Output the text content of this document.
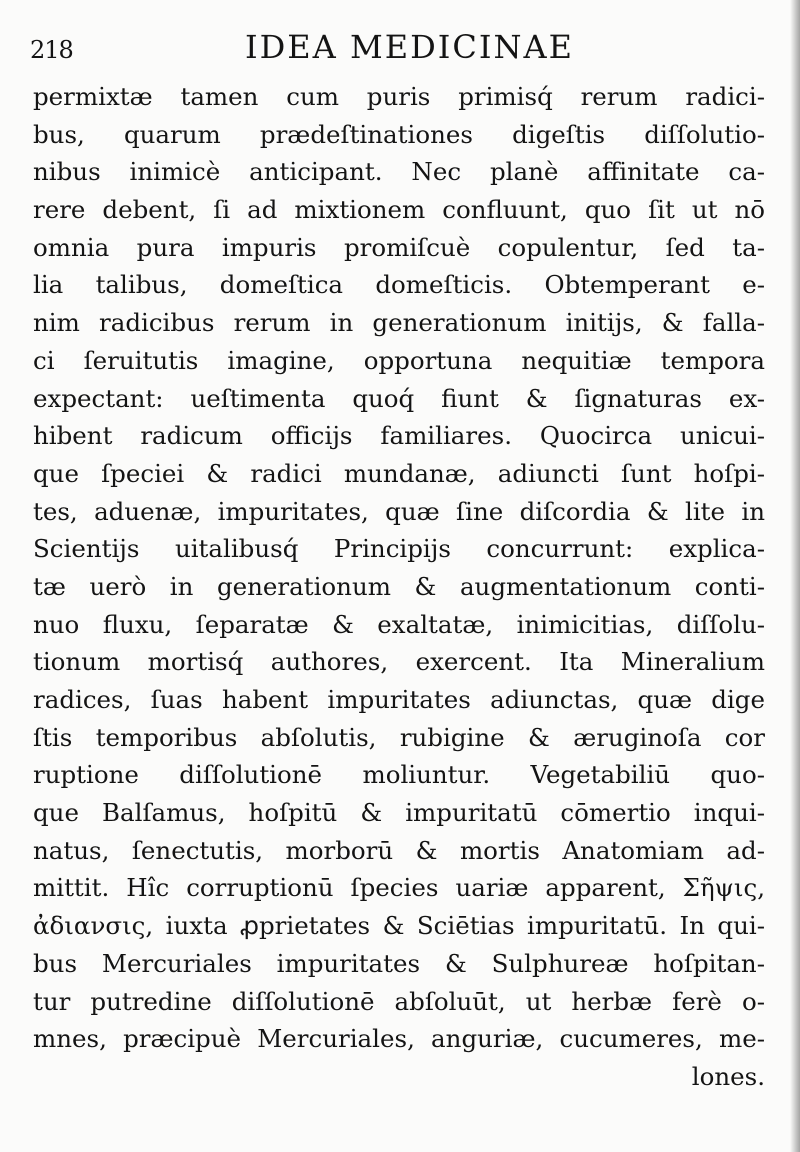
218	IDEA MEDICINAE
permixtæ tamen cum puris primisq́ rerum radici-
bus, quarum prædeſtinationes digeſtis diſſolutio-
nibus inimicè anticipant. Nec planè affinitate ca-
rere debent, ſi ad mixtionem confluunt, quo ſit ut nō
omnia pura impuris promiſcuè copulentur, ſed ta-
lia talibus, domeſtica domeſticis. Obtemperant e-
nim radicibus rerum in generationum initijs, & falla-
ci ſeruitutis imagine, opportuna nequitiæ tempora
expectant: ueſtimenta quoq́ fiunt & ſignaturas ex-
hibent radicum officijs familiares. Quocirca unicui-
que ſpeciei & radici mundanæ, adiuncti ſunt hoſpi-
tes, aduenæ, impuritates, quæ ſine diſcordia & lite in
Scientijs uitalibusq́ Principijs concurrunt: explica-
tæ uerò in generationum & augmentationum conti-
nuo fluxu, ſeparatæ & exaltatæ, inimicitias, diſſolu-
tionum mortisq́ authores, exercent. Ita Mineralium
radices, ſuas habent impuritates adiunctas, quæ dige
ſtis temporibus abſolutis, rubigine & æruginoſa cor
ruptione diſſolutionē moliuntur. Vegetabiliū quo-
que Balſamus, hoſpitū & impuritatū cōmertio inqui-
natus, ſenectutis, morborū & mortis Anatomiam ad-
mittit. Hîc corruptionū ſpecies uariæ apparent, Σῆψις,
ἀδιανσις, iuxta ꝓprietates & Sciētias impuritatū. In qui-
bus Mercuriales impuritates & Sulphureæ hoſpitan-
tur putredine diſſolutionē abſoluūt, ut herbæ ferè o-
mnes, præcipuè Mercuriales, anguriæ, cucumeres, me-
lones.
